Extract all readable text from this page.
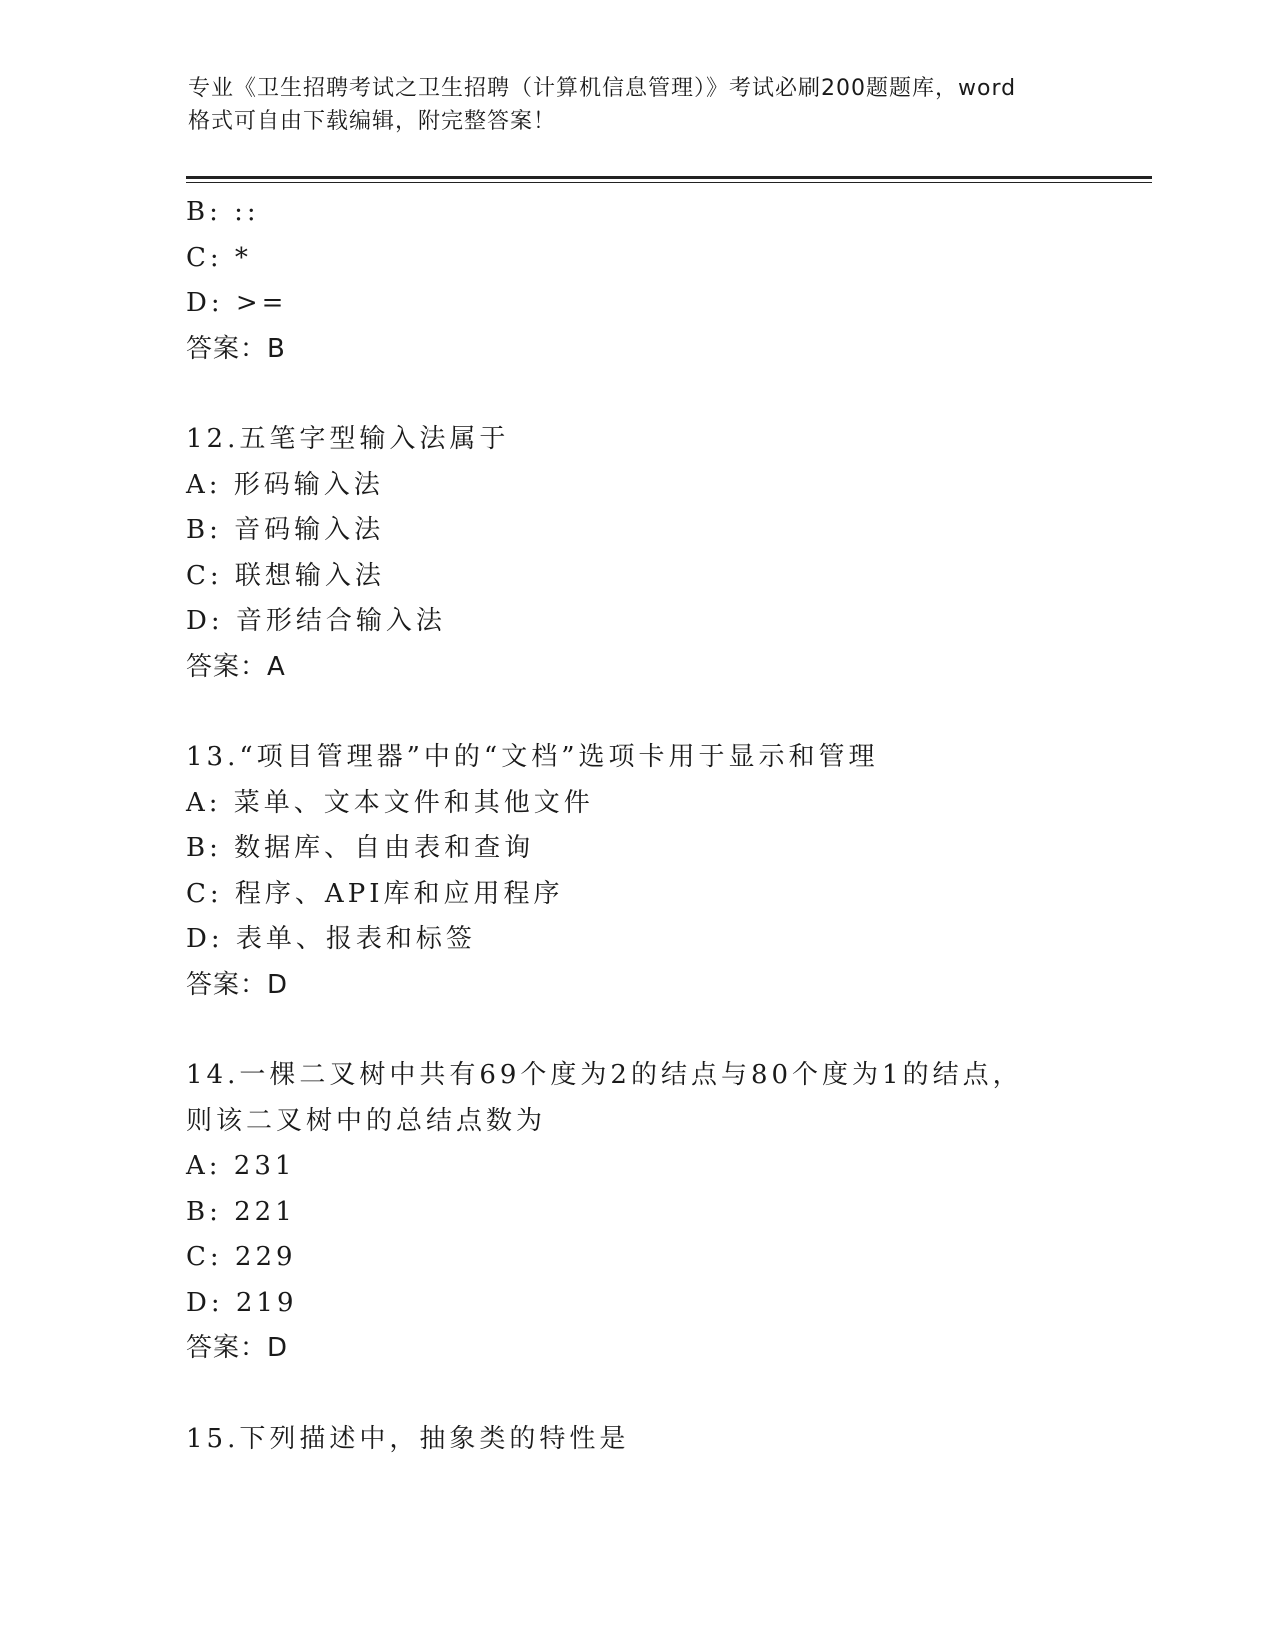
专业《卫生招聘考试之卫生招聘（计算机信息管理）》考试必刷200题题库，word
格式可自由下载编辑，附完整答案！
B: ::
C: *
D: >=
答案：B
12.五笔字型输入法属于
A: 形码输入法
B: 音码输入法
C: 联想输入法
D: 音形结合输入法
答案：A
13.“项目管理器”中的“文档”选项卡用于显示和管理
A: 菜单、文本文件和其他文件
B: 数据库、自由表和查询
C: 程序、API库和应用程序
D: 表单、报表和标签
答案：D
14.一棵二叉树中共有69个度为2的结点与80个度为1的结点，则该二叉树中的总结点数为
A: 231
B: 221
C: 229
D: 219
答案：D
15.下列描述中，抽象类的特性是
